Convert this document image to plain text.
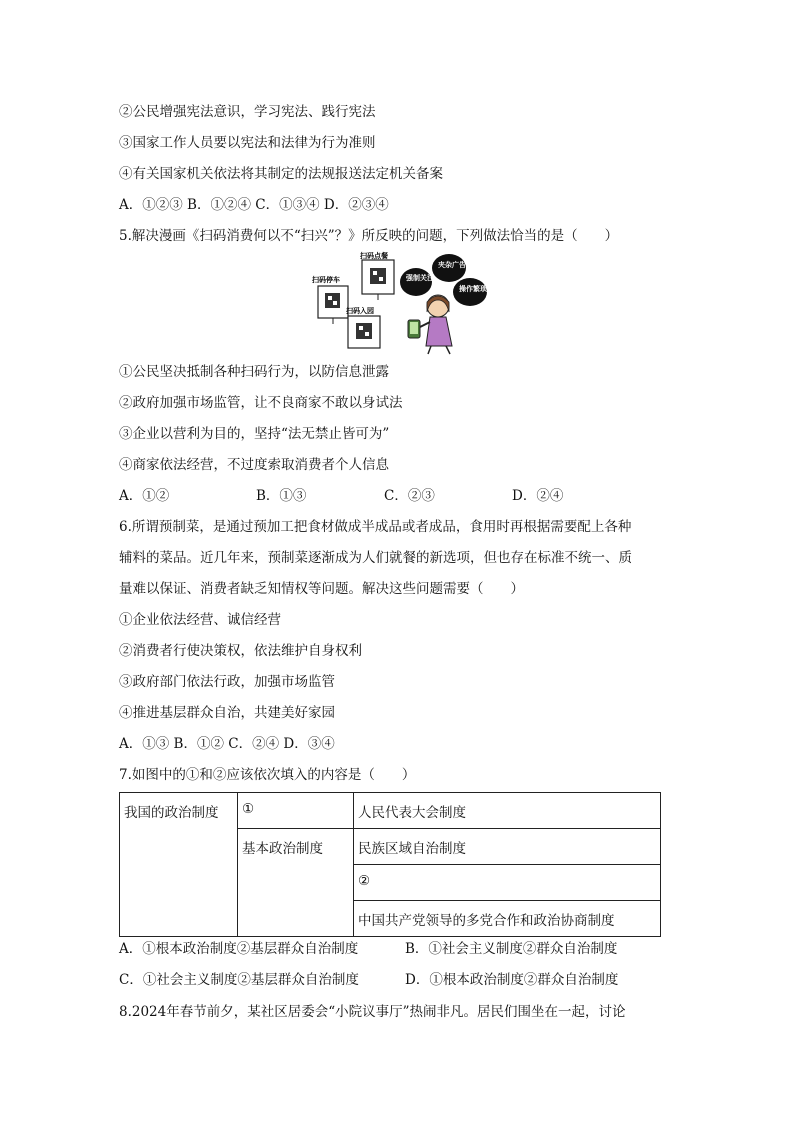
②公民增强宪法意识，学习宪法、践行宪法
③国家工作人员要以宪法和法律为行为准则
④有关国家机关依法将其制定的法规报送法定机关备案
A．①②③ B．①②④ C．①③④ D．②③④
5.解决漫画《扫码消费何以不“扫兴”？》所反映的问题，下列做法恰当的是（　　）
扫码点餐
扫码停车
扫码入园
强制关注
夹杂广告
操作繁琐
①公民坚决抵制各种扫码行为，以防信息泄露
②政府加强市场监管，让不良商家不敢以身试法
③企业以营利为目的，坚持“法无禁止皆可为”
④商家依法经营，不过度索取消费者个人信息
A．①②	B．①③	C．②③	D．②④
6.所谓预制菜，是通过预加工把食材做成半成品或者成品，食用时再根据需要配上各种
辅料的菜品。近几年来，预制菜逐渐成为人们就餐的新选项，但也存在标准不统一、质
量难以保证、消费者缺乏知情权等问题。解决这些问题需要（　　）
①企业依法经营、诚信经营
②消费者行使决策权，依法维护自身权利
③政府部门依法行政，加强市场监管
④推进基层群众自治，共建美好家园
A．①③ B．①② C．②④ D．③④
7.如图中的①和②应该依次填入的内容是（　　）
我国的政治制度	①	人民代表大会制度
	基本政治制度	民族区域自治制度
		②
		中国共产党领导的多党合作和政治协商制度
A．①根本政治制度②基层群众自治制度	B．①社会主义制度②群众自治制度
C．①社会主义制度②基层群众自治制度	D．①根本政治制度②群众自治制度
8.2024年春节前夕，某社区居委会“小院议事厅”热闹非凡。居民们围坐在一起，讨论
